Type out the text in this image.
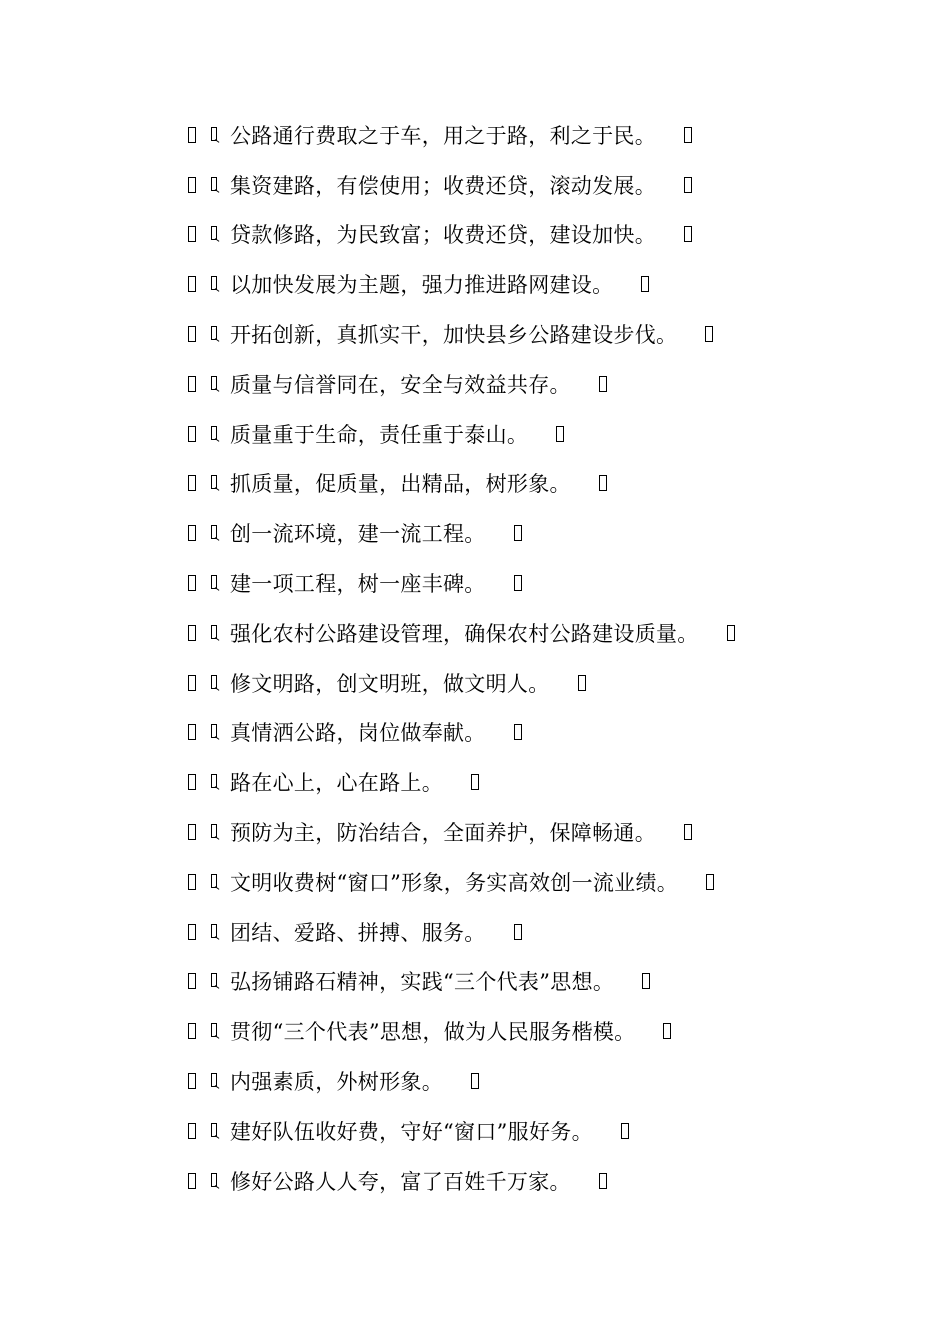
公路通行费取之于车，用之于路，利之于民。
集资建路，有偿使用；收费还贷，滚动发展。
贷款修路，为民致富；收费还贷，建设加快。
以加快发展为主题，强力推进路网建设。
开拓创新，真抓实干，加快县乡公路建设步伐。
质量与信誉同在，安全与效益共存。
质量重于生命，责任重于泰山。
抓质量，促质量，出精品，树形象。
创一流环境，建一流工程。
建一项工程，树一座丰碑。
强化农村公路建设管理，确保农村公路建设质量。
修文明路，创文明班，做文明人。
真情洒公路，岗位做奉献。
路在心上，心在路上。
预防为主，防治结合，全面养护，保障畅通。
文明收费树“窗口”形象，务实高效创一流业绩。
团结、爱路、拼搏、服务。
弘扬铺路石精神，实践“三个代表”思想。
贯彻“三个代表”思想，做为人民服务楷模。
内强素质，外树形象。
建好队伍收好费，守好“窗口”服好务。
修好公路人人夸，富了百姓千万家。
